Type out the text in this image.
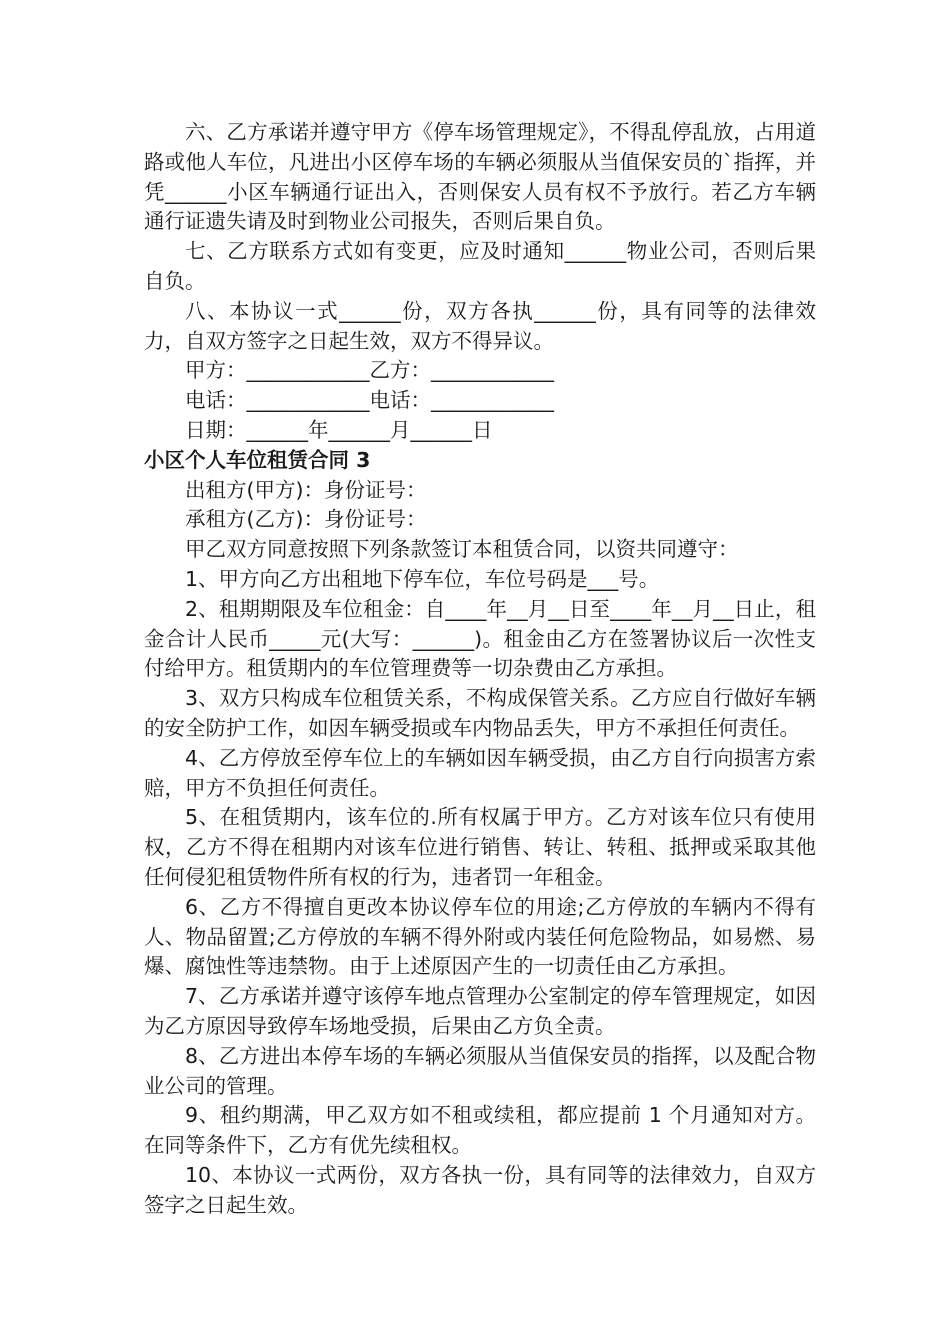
六、乙方承诺并遵守甲方《停车场管理规定》，不得乱停乱放，占用道路或他人车位，凡进出小区停车场的车辆必须服从当值保安员的`指挥，并凭______小区车辆通行证出入，否则保安人员有权不予放行。若乙方车辆通行证遗失请及时到物业公司报失，否则后果自负。

七、乙方联系方式如有变更，应及时通知______物业公司，否则后果自负。

八、本协议一式______份，双方各执______份，具有同等的法律效力，自双方签字之日起生效，双方不得异议。

甲方：____________乙方：____________

电话：____________电话：____________

日期：______年______月______日

小区个人车位租赁合同 3

出租方(甲方)：身份证号：

承租方(乙方)：身份证号：

甲乙双方同意按照下列条款签订本租赁合同，以资共同遵守：

1、甲方向乙方出租地下停车位，车位号码是___号。

2、租期期限及车位租金：自____年__月__日至____年__月__日止，租金合计人民币_____元(大写：______)。租金由乙方在签署协议后一次性支付给甲方。租赁期内的车位管理费等一切杂费由乙方承担。

3、双方只构成车位租赁关系，不构成保管关系。乙方应自行做好车辆的安全防护工作，如因车辆受损或车内物品丢失，甲方不承担任何责任。

4、乙方停放至停车位上的车辆如因车辆受损，由乙方自行向损害方索赔，甲方不负担任何责任。

5、在租赁期内，该车位的.所有权属于甲方。乙方对该车位只有使用权，乙方不得在租期内对该车位进行销售、转让、转租、抵押或采取其他任何侵犯租赁物件所有权的行为，违者罚一年租金。

6、乙方不得擅自更改本协议停车位的用途;乙方停放的车辆内不得有人、物品留置;乙方停放的车辆不得外附或内装任何危险物品，如易燃、易爆、腐蚀性等违禁物。由于上述原因产生的一切责任由乙方承担。

7、乙方承诺并遵守该停车地点管理办公室制定的停车管理规定，如因为乙方原因导致停车场地受损，后果由乙方负全责。

8、乙方进出本停车场的车辆必须服从当值保安员的指挥，以及配合物业公司的管理。

9、租约期满，甲乙双方如不租或续租，都应提前 1 个月通知对方。在同等条件下，乙方有优先续租权。

10、本协议一式两份，双方各执一份，具有同等的法律效力，自双方签字之日起生效。
